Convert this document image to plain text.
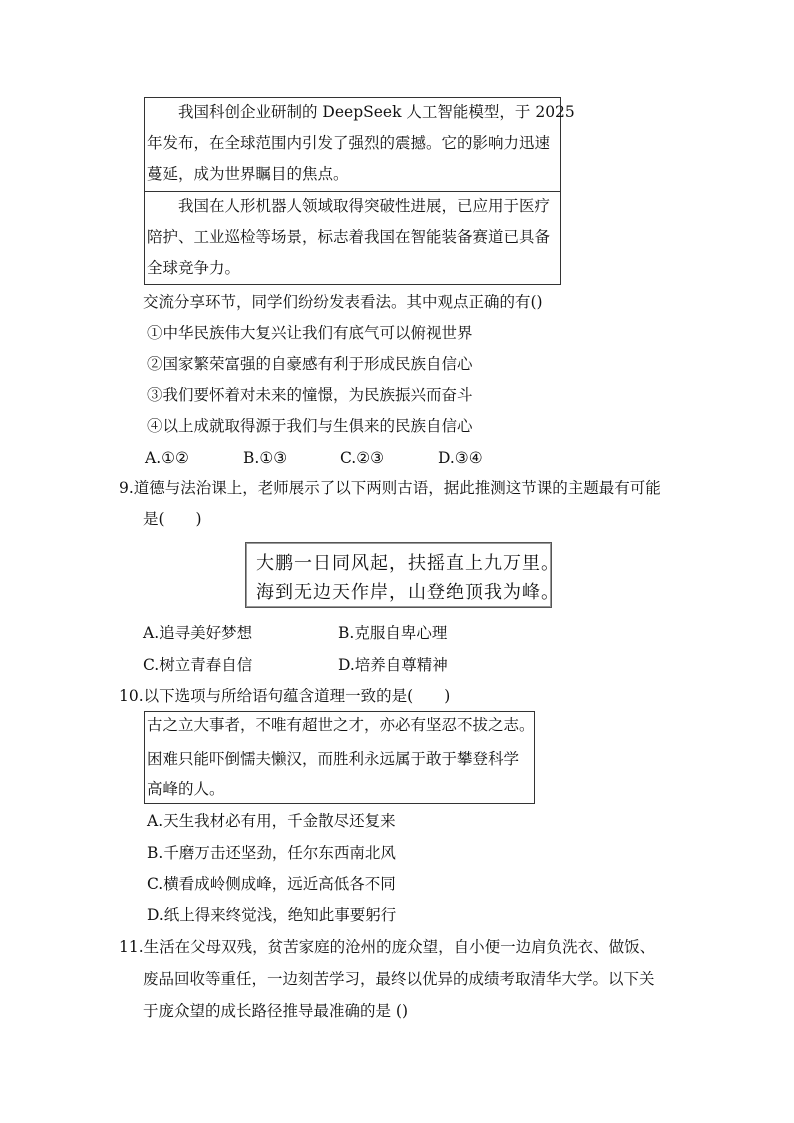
　　我国科创企业研制的 DeepSeek 人工智能模型，于 2025
年发布，在全球范围内引发了强烈的震撼。它的影响力迅速
蔓延，成为世界瞩目的焦点。
　　我国在人形机器人领域取得突破性进展，已应用于医疗
陪护、工业巡检等场景，标志着我国在智能装备赛道已具备
全球竞争力。
交流分享环节，同学们纷纷发表看法。其中观点正确的有()
①中华民族伟大复兴让我们有底气可以俯视世界
②国家繁荣富强的自豪感有利于形成民族自信心
③我们要怀着对未来的憧憬，为民族振兴而奋斗
④以上成就取得源于我们与生俱来的民族自信心
A.①②	B.①③	C.②③	D.③④
9.道德与法治课上，老师展示了以下两则古语，据此推测这节课的主题最有可能
是(　　)
大鹏一日同风起，扶摇直上九万里。
海到无边天作岸，山登绝顶我为峰。
A.追寻美好梦想	B.克服自卑心理
C.树立青春自信	D.培养自尊精神
10.以下选项与所给语句蕴含道理一致的是(　　)
古之立大事者，不唯有超世之才，亦必有坚忍不拔之志。
困难只能吓倒懦夫懒汉，而胜利永远属于敢于攀登科学
高峰的人。
A.天生我材必有用，千金散尽还复来
B.千磨万击还坚劲，任尔东西南北风
C.横看成岭侧成峰，远近高低各不同
D.纸上得来终觉浅，绝知此事要躬行
11.生活在父母双残，贫苦家庭的沧州的庞众望，自小便一边肩负洗衣、做饭、
废品回收等重任，一边刻苦学习，最终以优异的成绩考取清华大学。以下关
于庞众望的成长路径推导最准确的是 ()
